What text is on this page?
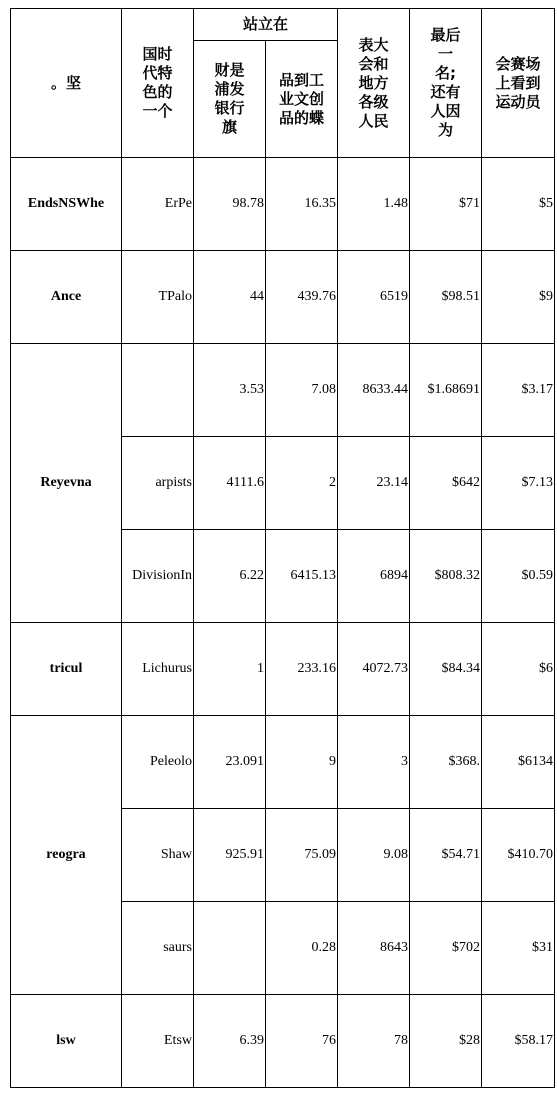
。坚	国时代特色的一个	站立在		表大会和地方各级人民	最后一名;还有人因为	会赛场上看到运动员

		财是浦发银行旗	品到工业文创品的蝶			

EndsNSWhe	ErPe	98.78	16.35	1.48	$71	$5
Ance	TPalo	44	439.76	6519	$98.51	$9
Reyevna		3.53	7.08	8633.44	$1.68691	$3.17
	arpists	4111.6	2	23.14	$642	$7.13
	DivisionIn	6.22	6415.13	6894	$808.32	$0.59
tricul	Lichurus	1	233.16	4072.73	$84.34	$6
reogra	Peleolo	23.091	9	3	$368.	$6134
	Shaw	925.91	75.09	9.08	$54.71	$410.70
	saurs		0.28	8643	$702	$31
lsw	Etsw	6.39	76	78	$28	$58.17
